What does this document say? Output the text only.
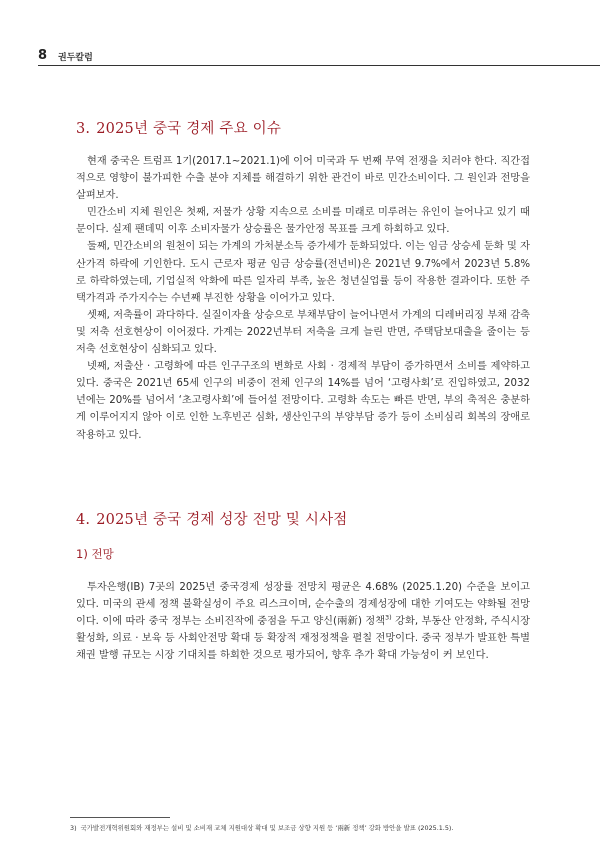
8 권두칼럼
3. 2025년 중국 경제 주요 이슈

현재 중국은 트럼프 1기(2017.1~2021.1)에 이어 미국과 두 번째 무역 전쟁을 치러야 한다. 직간접적으로 영향이 불가피한 수출 분야 지체를 해결하기 위한 관건이 바로 민간소비이다. 그 원인과 전망을 살펴보자.

민간소비 지체 원인은 첫째, 저물가 상황 지속으로 소비를 미래로 미루려는 유인이 늘어나고 있기 때문이다. 실제 팬데믹 이후 소비자물가 상승률은 물가안정 목표를 크게 하회하고 있다.

둘째, 민간소비의 원천이 되는 가계의 가처분소득 증가세가 둔화되었다. 이는 임금 상승세 둔화 및 자산가격 하락에 기인한다. 도시 근로자 평균 임금 상승률(전년비)은 2021년 9.7%에서 2023년 5.8%로 하락하였는데, 기업실적 악화에 따른 일자리 부족, 높은 청년실업률 등이 작용한 결과이다. 또한 주택가격과 주가지수는 수년째 부진한 상황을 이어가고 있다.

셋째, 저축률이 과다하다. 실질이자율 상승으로 부채부담이 늘어나면서 가계의 디레버리징 부채 감축 및 저축 선호현상이 이어졌다. 가계는 2022년부터 저축을 크게 늘린 반면, 주택담보대출을 줄이는 등 저축 선호현상이 심화되고 있다.

넷째, 저출산 · 고령화에 따른 인구구조의 변화로 사회 · 경제적 부담이 증가하면서 소비를 제약하고 있다. 중국은 2021년 65세 인구의 비중이 전체 인구의 14%를 넘어 ‘고령사회’로 진입하였고, 2032년에는 20%를 넘어서 ‘초고령사회’에 들어설 전망이다. 고령화 속도는 빠른 반면, 부의 축적은 충분하게 이루어지지 않아 이로 인한 노후빈곤 심화, 생산인구의 부양부담 증가 등이 소비심리 회복의 장애로 작용하고 있다.

4. 2025년 중국 경제 성장 전망 및 시사점
1) 전망

투자은행(IB) 7곳의 2025년 중국경제 성장률 전망치 평균은 4.68% (2025.1.20) 수준을 보이고 있다. 미국의 관세 정책 불확실성이 주요 리스크이며, 순수출의 경제성장에 대한 기여도는 약화될 전망이다. 이에 따라 중국 정부는 소비진작에 중점을 두고 양신(兩新) 정책$^{3)}$ 강화, 부동산 안정화, 주식시장 활성화, 의료 · 보육 등 사회안전망 확대 등 확장적 재정정책을 펼칠 전망이다. 중국 정부가 발표한 특별채권 발행 규모는 시장 기대치를 하회한 것으로 평가되어, 향후 추가 확대 가능성이 커 보인다.

3) 국가발전개혁위원회와 재정부는 설비 및 소비재 교체 지원대상 확대 및 보조금 상향 지원 등 ‘兩新 정책’ 강화 방안을 발표 (2025.1.5).
